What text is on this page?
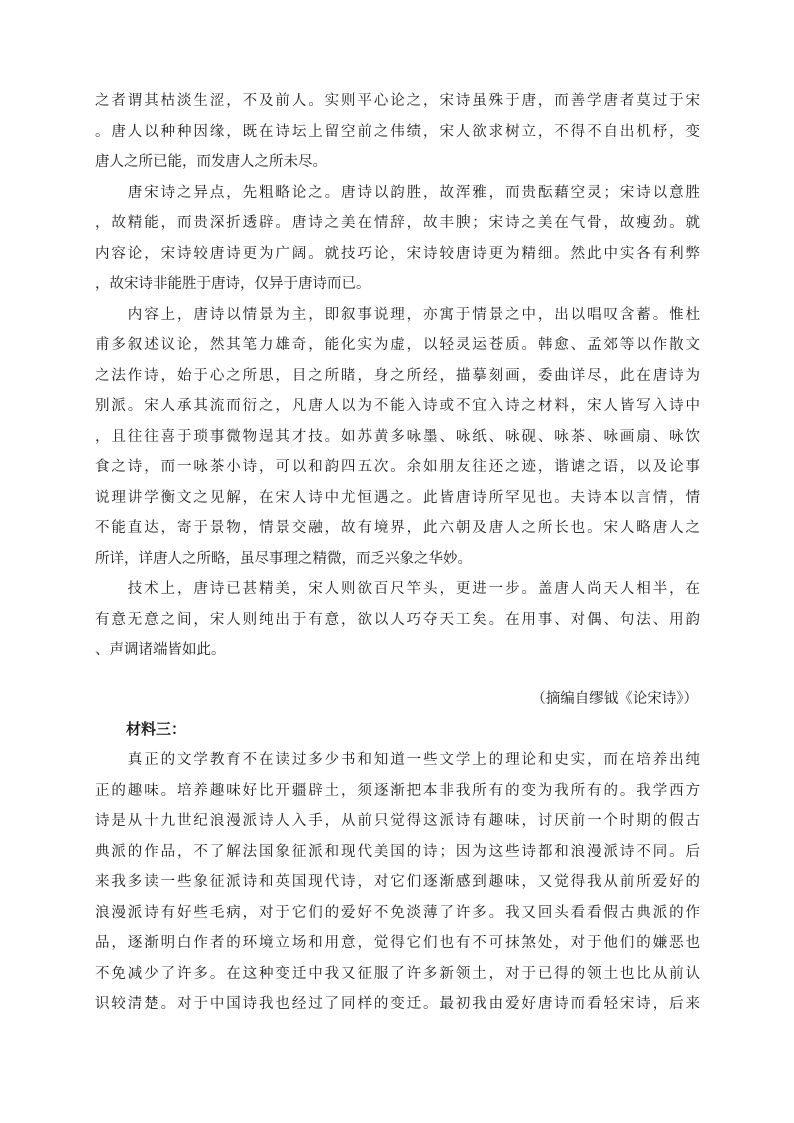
之者谓其枯淡生涩，不及前人。实则平心论之，宋诗虽殊于唐，而善学唐者莫过于宋
。唐人以种种因缘，既在诗坛上留空前之伟绩，宋人欲求树立，不得不自出机杼，变
唐人之所已能，而发唐人之所未尽。
　　唐宋诗之异点，先粗略论之。唐诗以韵胜，故浑雅，而贵酝藉空灵；宋诗以意胜
，故精能，而贵深折透辟。唐诗之美在情辞，故丰腴；宋诗之美在气骨，故瘦劲。就
内容论，宋诗较唐诗更为广阔。就技巧论，宋诗较唐诗更为精细。然此中实各有利弊
，故宋诗非能胜于唐诗，仅异于唐诗而已。
　　内容上，唐诗以情景为主，即叙事说理，亦寓于情景之中，出以唱叹含蓄。惟杜
甫多叙述议论，然其笔力雄奇，能化实为虚，以轻灵运苍质。韩愈、孟郊等以作散文
之法作诗，始于心之所思，目之所睹，身之所经，描摹刻画，委曲详尽，此在唐诗为
别派。宋人承其流而衍之，凡唐人以为不能入诗或不宜入诗之材料，宋人皆写入诗中
，且往往喜于琐事微物逞其才技。如苏黄多咏墨、咏纸、咏砚、咏茶、咏画扇、咏饮
食之诗，而一咏茶小诗，可以和韵四五次。余如朋友往还之迹，谐谑之语，以及论事
说理讲学衡文之见解，在宋人诗中尤恒遇之。此皆唐诗所罕见也。夫诗本以言情，情
不能直达，寄于景物，情景交融，故有境界，此六朝及唐人之所长也。宋人略唐人之
所详，详唐人之所略，虽尽事理之精微，而乏兴象之华妙。
　　技术上，唐诗已甚精美，宋人则欲百尺竿头，更进一步。盖唐人尚天人相半，在
有意无意之间，宋人则纯出于有意，欲以人巧夺天工矣。在用事、对偶、句法、用韵
、声调诸端皆如此。
（摘编自缪钺《论宋诗》）
材料三：
　　真正的文学教育不在读过多少书和知道一些文学上的理论和史实，而在培养出纯
正的趣味。培养趣味好比开疆辟土，须逐渐把本非我所有的变为我所有的。我学西方
诗是从十九世纪浪漫派诗人入手，从前只觉得这派诗有趣味，讨厌前一个时期的假古
典派的作品，不了解法国象征派和现代美国的诗；因为这些诗都和浪漫派诗不同。后
来我多读一些象征派诗和英国现代诗，对它们逐渐感到趣味，又觉得我从前所爱好的
浪漫派诗有好些毛病，对于它们的爱好不免淡薄了许多。我又回头看看假古典派的作
品，逐渐明白作者的环境立场和用意，觉得它们也有不可抹煞处，对于他们的嫌恶也
不免减少了许多。在这种变迁中我又征服了许多新领土，对于已得的领土也比从前认
识较清楚。对于中国诗我也经过了同样的变迁。最初我由爱好唐诗而看轻宋诗，后来
